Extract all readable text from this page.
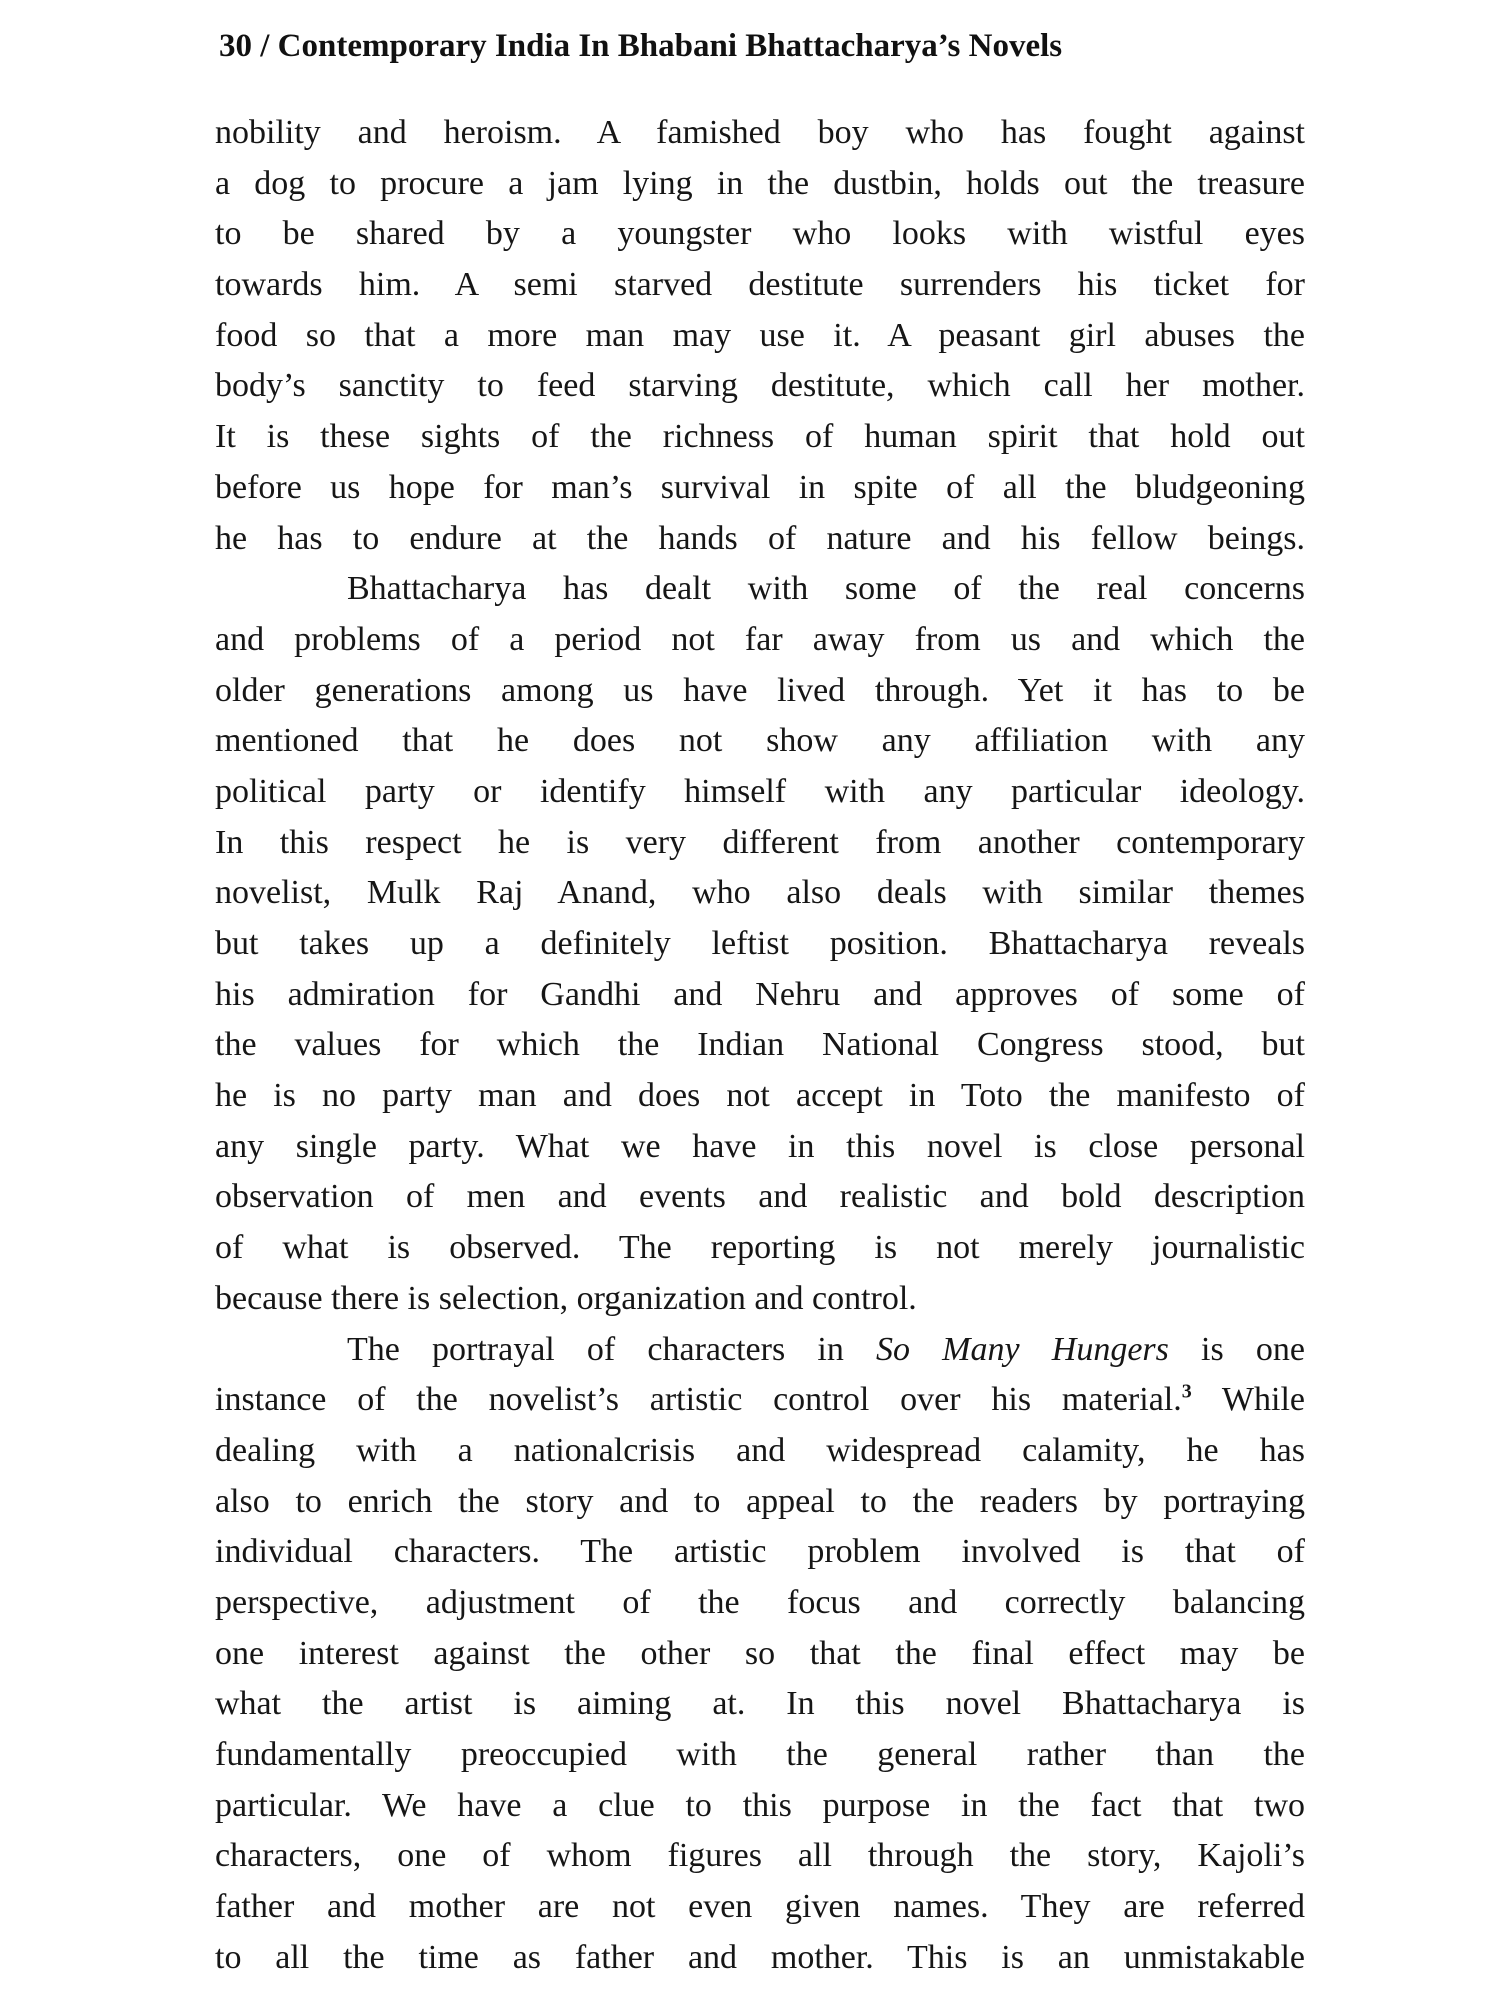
30 / Contemporary India In Bhabani Bhattacharya’s Novels
nobility and heroism. A famished boy who has fought against
a dog to procure a jam lying in the dustbin, holds out the treasure
to be shared by a youngster who looks with wistful eyes
towards him. A semi starved destitute surrenders his ticket for
food so that a more man may use it. A peasant girl abuses the
body’s sanctity to feed starving destitute, which call her mother.
It is these sights of the richness of human spirit that hold out
before us hope for man’s survival in spite of all the bludgeoning
he has to endure at the hands of nature and his fellow beings.
Bhattacharya has dealt with some of the real concerns
and problems of a period not far away from us and which the
older generations among us have lived through. Yet it has to be
mentioned that he does not show any affiliation with any
political party or identify himself with any particular ideology.
In this respect he is very different from another contemporary
novelist, Mulk Raj Anand, who also deals with similar themes
but takes up a definitely leftist position. Bhattacharya reveals
his admiration for Gandhi and Nehru and approves of some of
the values for which the Indian National Congress stood, but
he is no party man and does not accept in Toto the manifesto of
any single party. What we have in this novel is close personal
observation of men and events and realistic and bold description
of what is observed. The reporting is not merely journalistic
because there is selection, organization and control.
The portrayal of characters in So Many Hungers is one
instance of the novelist’s artistic control over his material.$^3$ While
dealing with a nationalcrisis and widespread calamity, he has
also to enrich the story and to appeal to the readers by portraying
individual characters. The artistic problem involved is that of
perspective, adjustment of the focus and correctly balancing
one interest against the other so that the final effect may be
what the artist is aiming at. In this novel Bhattacharya is
fundamentally preoccupied with the general rather than the
particular. We have a clue to this purpose in the fact that two
characters, one of whom figures all through the story, Kajoli’s
father and mother are not even given names. They are referred
to all the time as father and mother. This is an unmistakable
